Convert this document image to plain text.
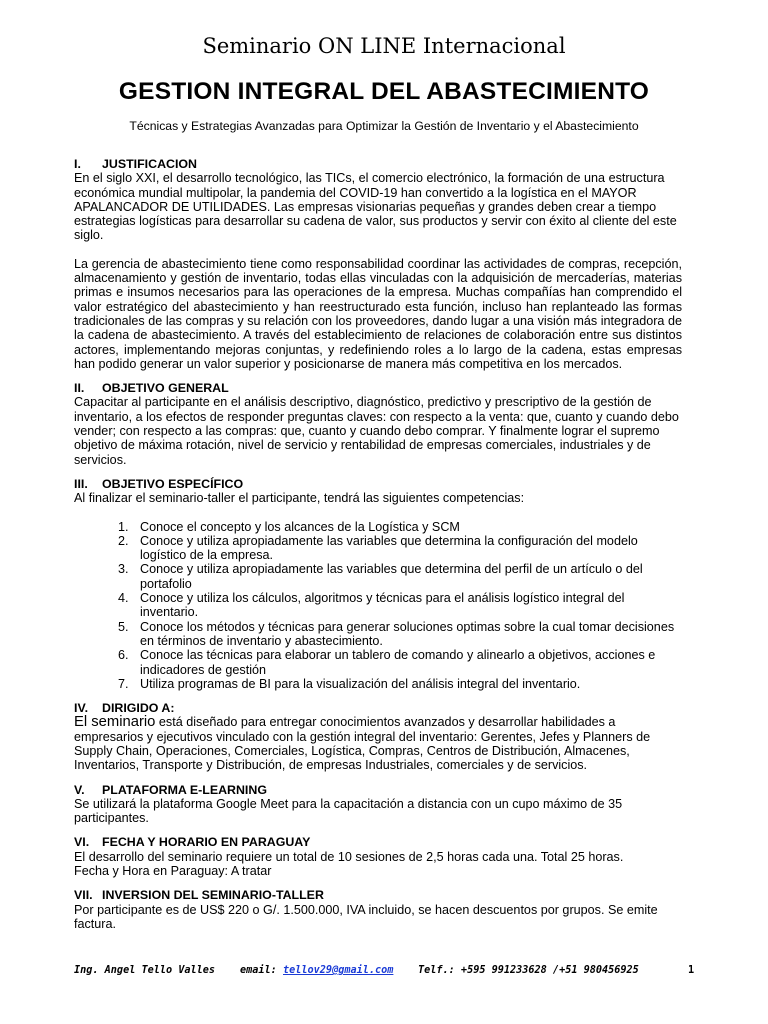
Seminario ON LINE Internacional
GESTION INTEGRAL DEL ABASTECIMIENTO
Técnicas y Estrategias Avanzadas para Optimizar la Gestión de Inventario y el Abastecimiento
I. JUSTIFICACION

En el siglo XXI, el desarrollo tecnológico, las TICs, el comercio electrónico, la formación de una estructura económica mundial multipolar, la pandemia del COVID-19 han convertido a la logística en el MAYOR APALANCADOR DE UTILIDADES. Las empresas visionarias pequeñas y grandes deben crear a tiempo estrategias logísticas para desarrollar su cadena de valor, sus productos y servir con éxito al cliente del este siglo.

La gerencia de abastecimiento tiene como responsabilidad coordinar las actividades de compras, recepción, almacenamiento y gestión de inventario, todas ellas vinculadas con la adquisición de mercaderías, materias primas e insumos necesarios para las operaciones de la empresa. Muchas compañías han comprendido el valor estratégico del abastecimiento y han reestructurado esta función, incluso han replanteado las formas tradicionales de las compras y su relación con los proveedores, dando lugar a una visión más integradora de la cadena de abastecimiento. A través del establecimiento de relaciones de colaboración entre sus distintos actores, implementando mejoras conjuntas, y redefiniendo roles a lo largo de la cadena, estas empresas han podido generar un valor superior y posicionarse de manera más competitiva en los mercados.

II. OBJETIVO GENERAL

Capacitar al participante en el análisis descriptivo, diagnóstico, predictivo y prescriptivo de la gestión de inventario, a los efectos de responder preguntas claves: con respecto a la venta: que, cuanto y cuando debo vender; con respecto a las compras: que, cuanto y cuando debo comprar. Y finalmente lograr el supremo objetivo de máxima rotación, nivel de servicio y rentabilidad de empresas comerciales, industriales y de servicios.

III. OBJETIVO ESPECÍFICO

Al finalizar el seminario-taller el participante, tendrá las siguientes competencias:

1. Conoce el concepto y los alcances de la Logística y SCM
2. Conoce y utiliza apropiadamente las variables que determina la configuración del modelo logístico de la empresa.
3. Conoce y utiliza apropiadamente las variables que determina del perfil de un artículo o del portafolio
4. Conoce y utiliza los cálculos, algoritmos y técnicas para el análisis logístico integral del inventario.
5. Conoce los métodos y técnicas para generar soluciones optimas sobre la cual tomar decisiones en términos de inventario y abastecimiento.
6. Conoce las técnicas para elaborar un tablero de comando y alinearlo a objetivos, acciones e indicadores de gestión
7. Utiliza programas de BI para la visualización del análisis integral del inventario.
IV. DIRIGIDO A:

El seminario está diseñado para entregar conocimientos avanzados y desarrollar habilidades a empresarios y ejecutivos vinculado con la gestión integral del inventario: Gerentes, Jefes y Planners de Supply Chain, Operaciones, Comerciales, Logística, Compras, Centros de Distribución, Almacenes, Inventarios, Transporte y Distribución, de empresas Industriales, comerciales y de servicios.

V. PLATAFORMA E-LEARNING

Se utilizará la plataforma Google Meet para la capacitación a distancia con un cupo máximo de 35 participantes.

VI. FECHA Y HORARIO EN PARAGUAY

El desarrollo del seminario requiere un total de 10 sesiones de 2,5 horas cada una. Total 25 horas.

Fecha y Hora en Paraguay: A tratar

VII. INVERSION DEL SEMINARIO-TALLER

Por participante es de US$ 220 o G/. 1.500.000, IVA incluido, se hacen descuentos por grupos. Se emite factura.

Ing. Angel Tello Valles email: tellov29@gmail.com Telf.: +595 991233628 /+51 980456925	1
